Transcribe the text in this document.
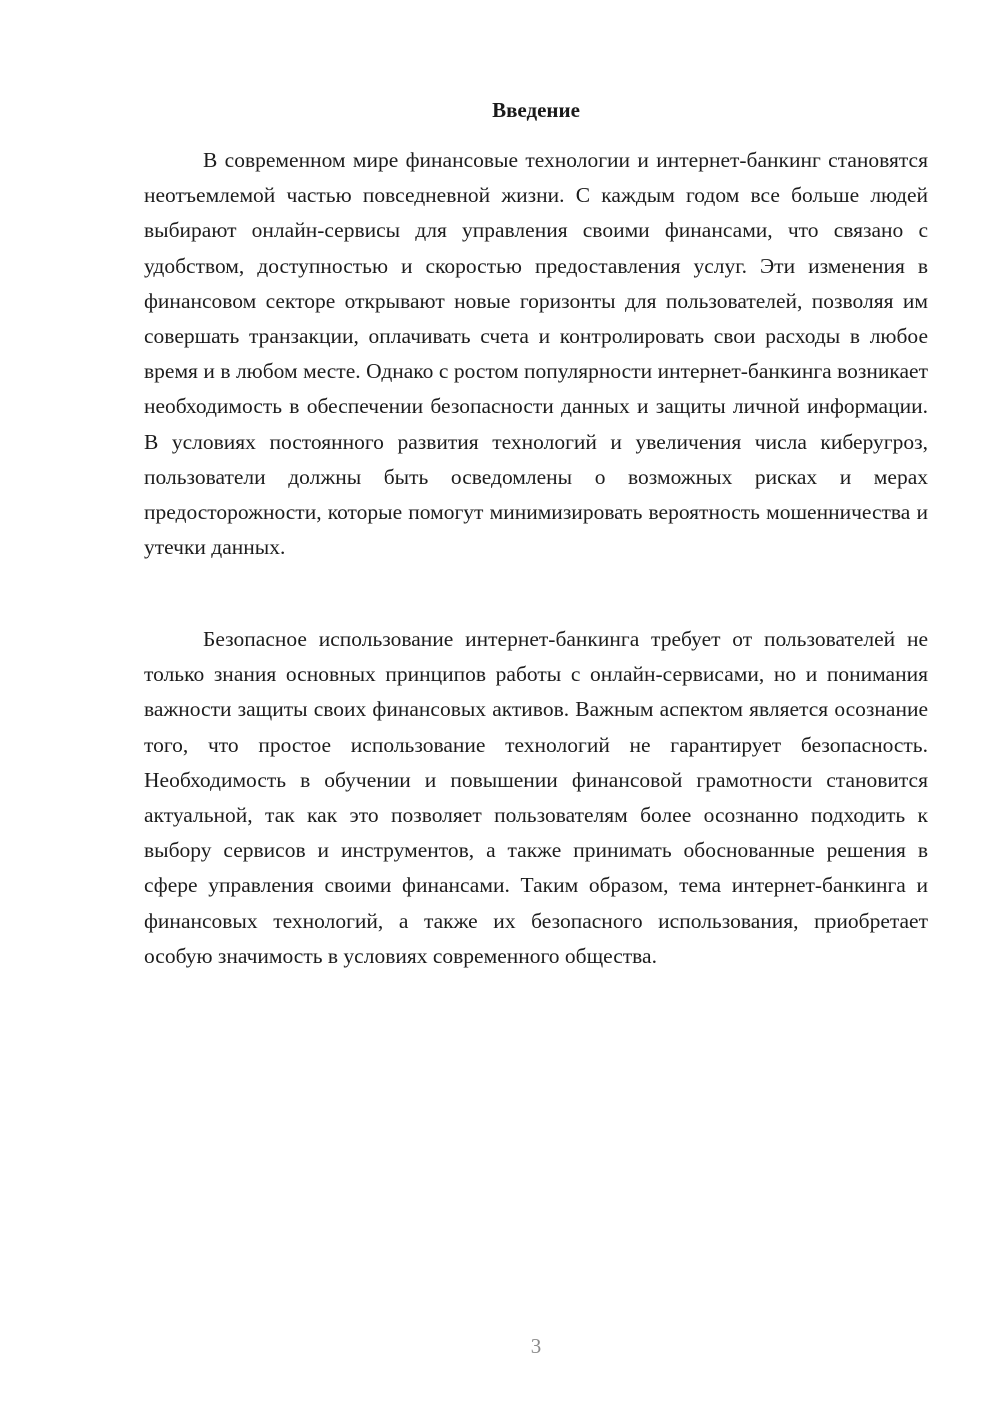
Введение

В современном мире финансовые технологии и интернет-банкинг становятся неотъемлемой частью повседневной жизни. С каждым годом все больше людей выбирают онлайн-сервисы для управления своими финансами, что связано с удобством, доступностью и скоростью предоставления услуг. Эти изменения в финансовом секторе открывают новые горизонты для пользователей, позволяя им совершать транзакции, оплачивать счета и контролировать свои расходы в любое время и в любом месте. Однако с ростом популярности интернет-банкинга возникает необходимость в обеспечении безопасности данных и защиты личной информации. В условиях постоянного развития технологий и увеличения числа киберугроз, пользователи должны быть осведомлены о возможных рисках и мерах предосторожности, которые помогут минимизировать вероятность мошенничества и утечки данных.

Безопасное использование интернет-банкинга требует от пользователей не только знания основных принципов работы с онлайн-сервисами, но и понимания важности защиты своих финансовых активов. Важным аспектом является осознание того, что простое использование технологий не гарантирует безопасность. Необходимость в обучении и повышении финансовой грамотности становится актуальной, так как это позволяет пользователям более осознанно подходить к выбору сервисов и инструментов, а также принимать обоснованные решения в сфере управления своими финансами. Таким образом, тема интернет-банкинга и финансовых технологий, а также их безопасного использования, приобретает особую значимость в условиях современного общества.

3
